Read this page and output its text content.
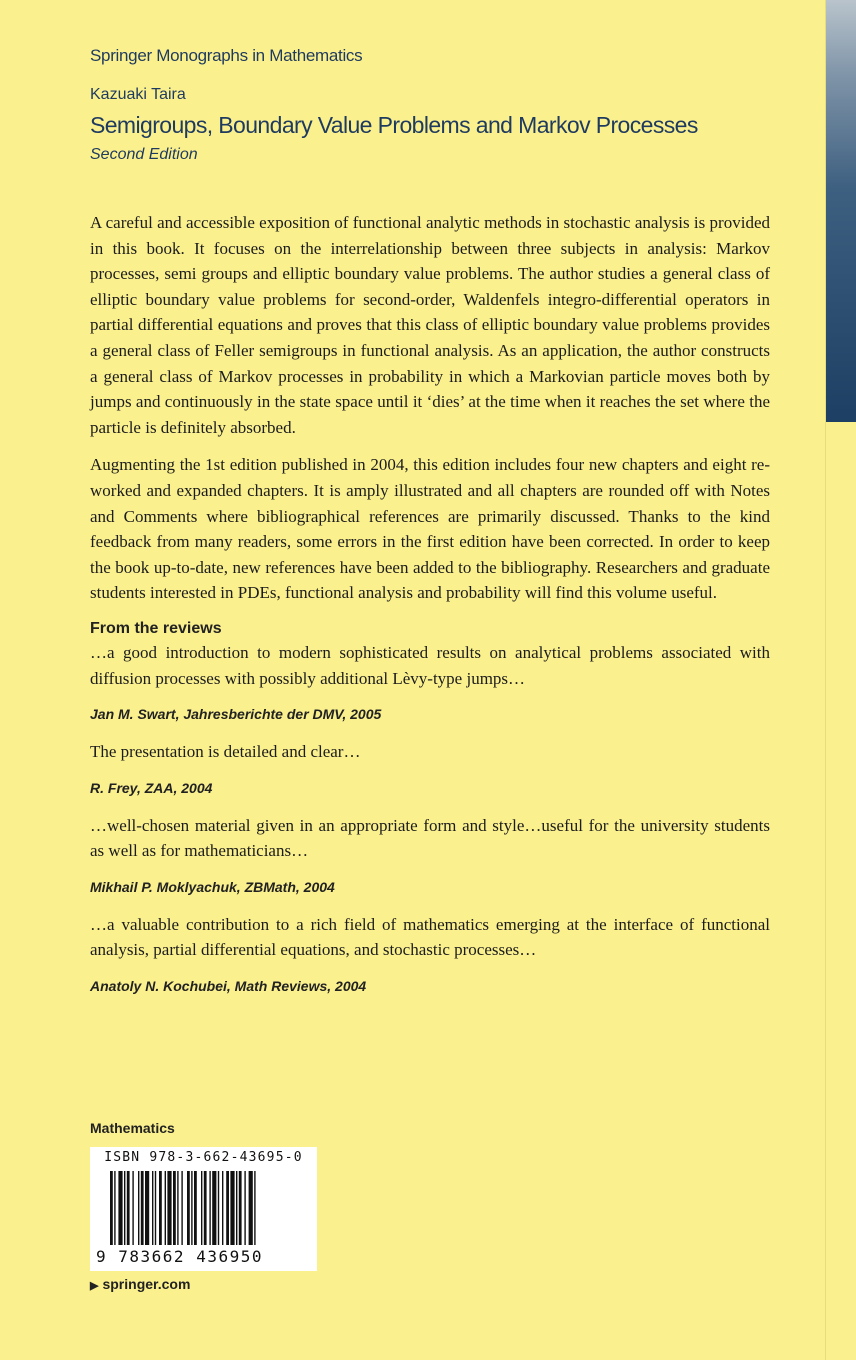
Springer Monographs in Mathematics
Kazuaki Taira
Semigroups, Boundary Value Problems and Markov Processes
Second Edition

A careful and accessible exposition of functional analytic methods in stochastic analysis is provided in this book. It focuses on the interrelationship between three subjects in analysis: Markov processes, semi groups and elliptic boundary value problems. The author studies a general class of elliptic boundary value problems for second-order, Waldenfels integro-differential operators in partial differential equations and proves that this class of elliptic boundary value problems provides a general class of Feller semigroups in functional analysis. As an application, the author constructs a general class of Markov processes in probability in which a Markovian particle moves both by jumps and continuously in the state space until it ‘dies’ at the time when it reaches the set where the particle is definitely absorbed.

Augmenting the 1st edition published in 2004, this edition includes four new chapters and eight re-worked and expanded chapters. It is amply illustrated and all chapters are rounded off with Notes and Comments where bibliographical references are primarily discussed. Thanks to the kind feedback from many readers, some errors in the first edition have been corrected. In order to keep the book up-to-date, new references have been added to the bibliography. Researchers and graduate students interested in PDEs, functional analysis and probability will find this volume useful.

From the reviews

…a good introduction to modern sophisticated results on analytical problems associated with diffusion processes with possibly additional Lèvy-type jumps…

Jan M. Swart, Jahresberichte der DMV, 2005

The presentation is detailed and clear…

R. Frey, ZAA, 2004

…well-chosen material given in an appropriate form and style…useful for the university students as well as for mathematicians…

Mikhail P. Moklyachuk, ZBMath, 2004

…a valuable contribution to a rich field of mathematics emerging at the interface of functional analysis, partial differential equations, and stochastic processes…

Anatoly N. Kochubei, Math Reviews, 2004

Mathematics
ISBN 978-3-662-43695-0
9 783662 436950
▶ springer.com
